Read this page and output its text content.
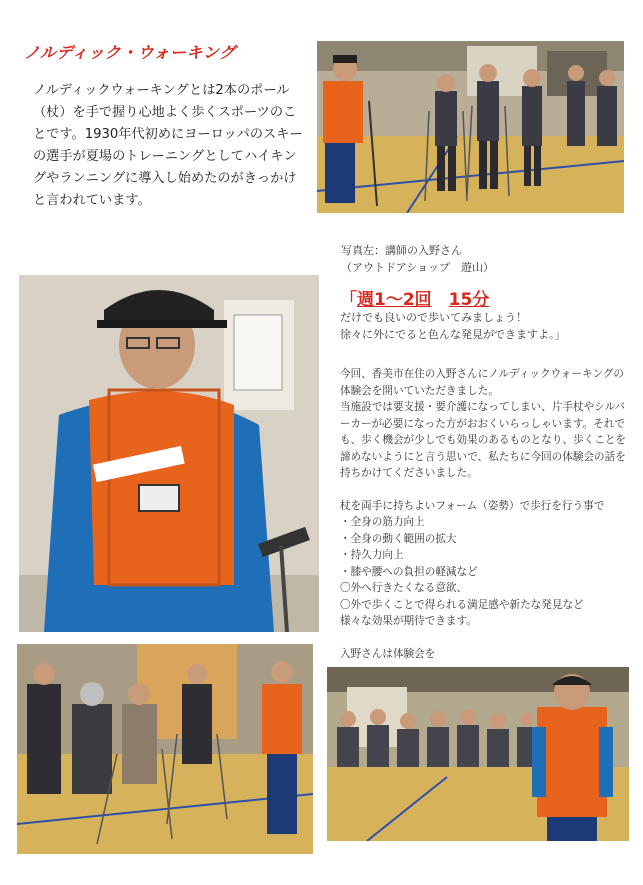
ノルディック・ウォーキング

ノルディックウォーキングとは2本のポール（杖）を手で握り心地よく歩くスポーツのことです。1930年代初めにヨーロッパのスキーの選手が夏場のトレーニングとしてハイキングやランニングに導入し始めたのがきっかけと言われています。

写真左：講師の入野さん
（アウトドアショップ　遊山）
「週1～2回　 15分
だけでも良いので歩いてみましょう！
徐々に外にでると色んな発見ができますよ。」

今回、香美市在住の入野さんにノルディックウォーキングの体験会を開いていただきました。

当施設では要支援・要介護になってしまい、片手杖やシルバーカーが必要になった方がおおくいらっしゃいます。それでも、歩く機会が少しでも効果のあるものとなり、歩くことを諦めないようにと言う思いで、私たちに今回の体験会の話を持ちかけてくださいました。

杖を両手に持ちよいフォーム（姿勢）で歩行を行う事で

・全身の筋力向上
・全身の動く範囲の拡大
・持久力向上
・膝や腰への負担の軽減など
〇外へ行きたくなる意欲、
〇外で歩くことで得られる満足感や新たな発見など
様々な効果が期待できます。

入野さんは体験会を
